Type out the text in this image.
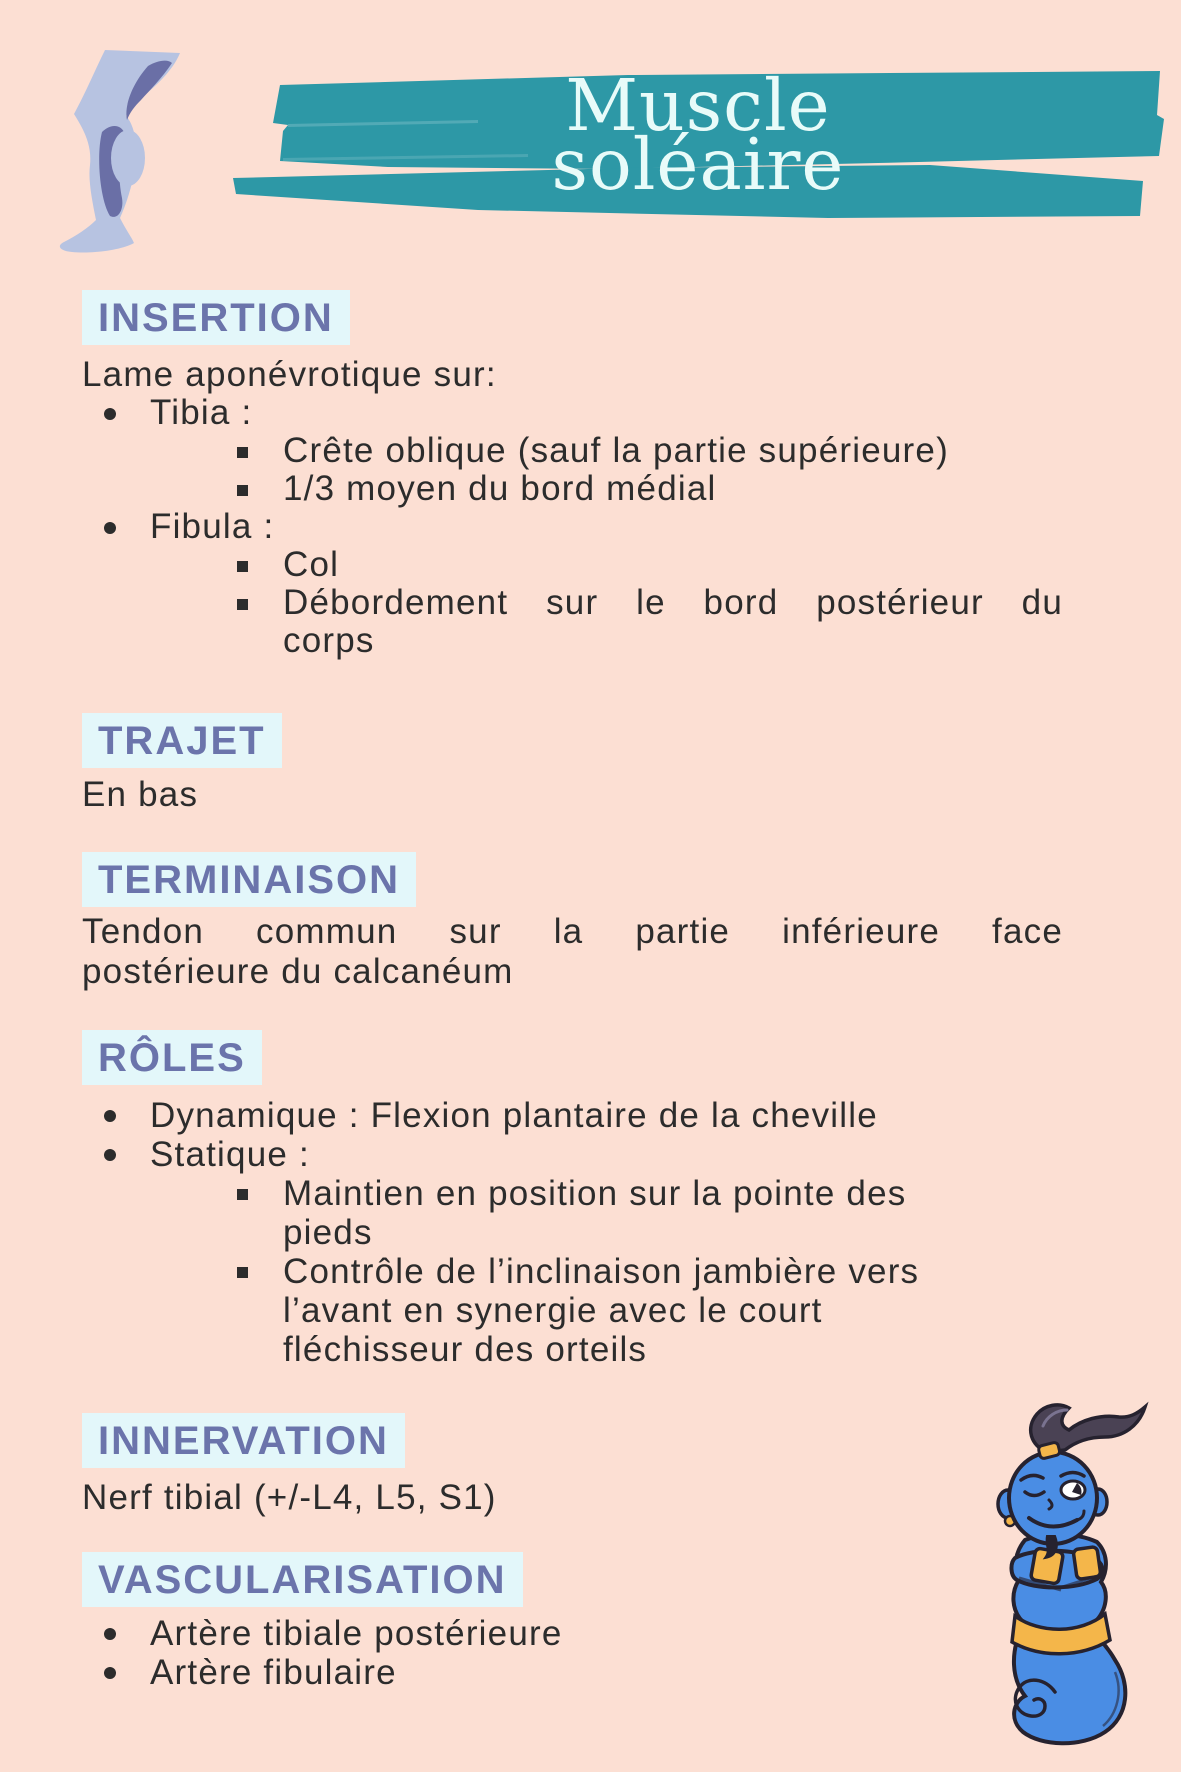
Muscle
soléaire
INSERTION
Lame aponévrotique sur:
Tibia :
Crête oblique (sauf la partie supérieure)
1/3 moyen du bord médial
Fibula :
Col
Débordement sur le bord postérieur du
corps
TRAJET
En bas
TERMINAISON
Tendon commun sur la partie inférieure face
postérieure du calcanéum
RÔLES
Dynamique : Flexion plantaire de la cheville
Statique :
Maintien en position sur la pointe des
pieds
Contrôle de l’inclinaison jambière vers
l’avant en synergie avec le court
fléchisseur des orteils
INNERVATION
Nerf tibial (+/-L4, L5, S1)
VASCULARISATION
Artère tibiale postérieure
Artère fibulaire
